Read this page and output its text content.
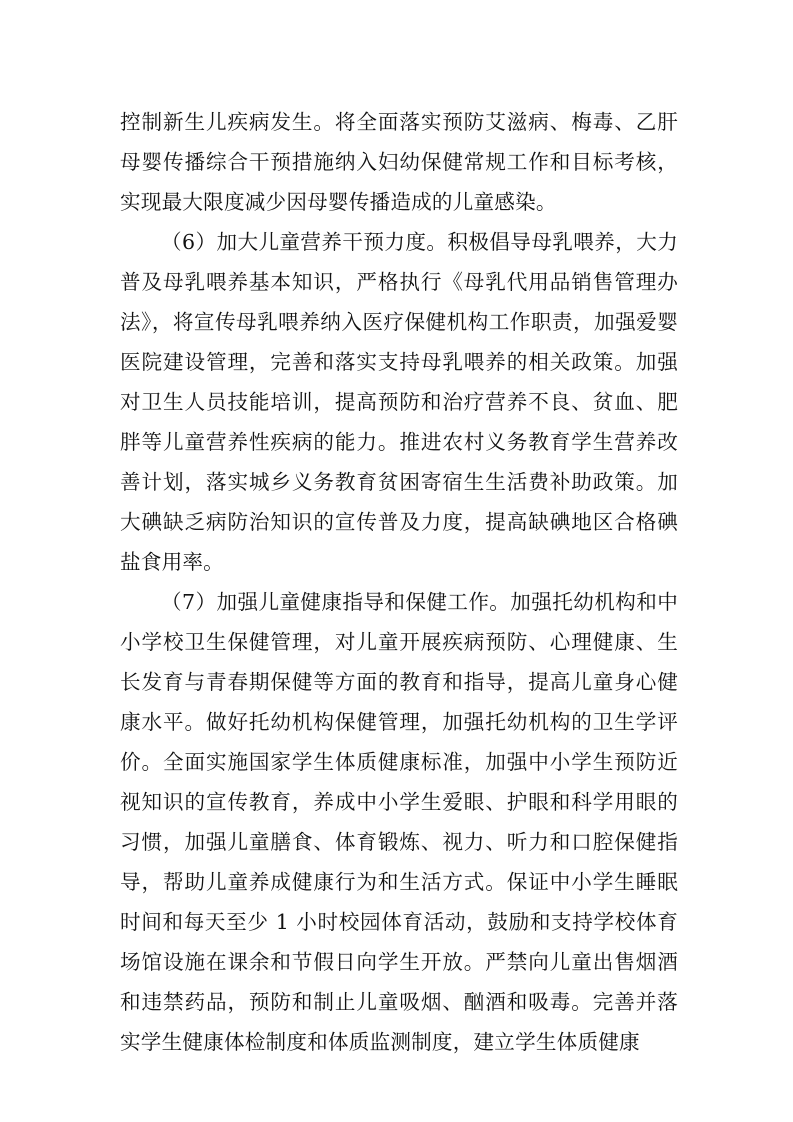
控制新生儿疾病发生。将全面落实预防艾滋病、梅毒、乙肝母婴传播综合干预措施纳入妇幼保健常规工作和目标考核，实现最大限度减少因母婴传播造成的儿童感染。

（6）加大儿童营养干预力度。积极倡导母乳喂养，大力普及母乳喂养基本知识，严格执行《母乳代用品销售管理办法》，将宣传母乳喂养纳入医疗保健机构工作职责，加强爱婴医院建设管理，完善和落实支持母乳喂养的相关政策。加强对卫生人员技能培训，提高预防和治疗营养不良、贫血、肥胖等儿童营养性疾病的能力。推进农村义务教育学生营养改善计划，落实城乡义务教育贫困寄宿生生活费补助政策。加大碘缺乏病防治知识的宣传普及力度，提高缺碘地区合格碘盐食用率。

（7）加强儿童健康指导和保健工作。加强托幼机构和中小学校卫生保健管理，对儿童开展疾病预防、心理健康、生长发育与青春期保健等方面的教育和指导，提高儿童身心健康水平。做好托幼机构保健管理，加强托幼机构的卫生学评价。全面实施国家学生体质健康标准，加强中小学生预防近视知识的宣传教育，养成中小学生爱眼、护眼和科学用眼的习惯，加强儿童膳食、体育锻炼、视力、听力和口腔保健指导，帮助儿童养成健康行为和生活方式。保证中小学生睡眠时间和每天至少 1 小时校园体育活动，鼓励和支持学校体育场馆设施在课余和节假日向学生开放。严禁向儿童出售烟酒和违禁药品，预防和制止儿童吸烟、酗酒和吸毒。完善并落实学生健康体检制度和体质监测制度，建立学生体质健康
